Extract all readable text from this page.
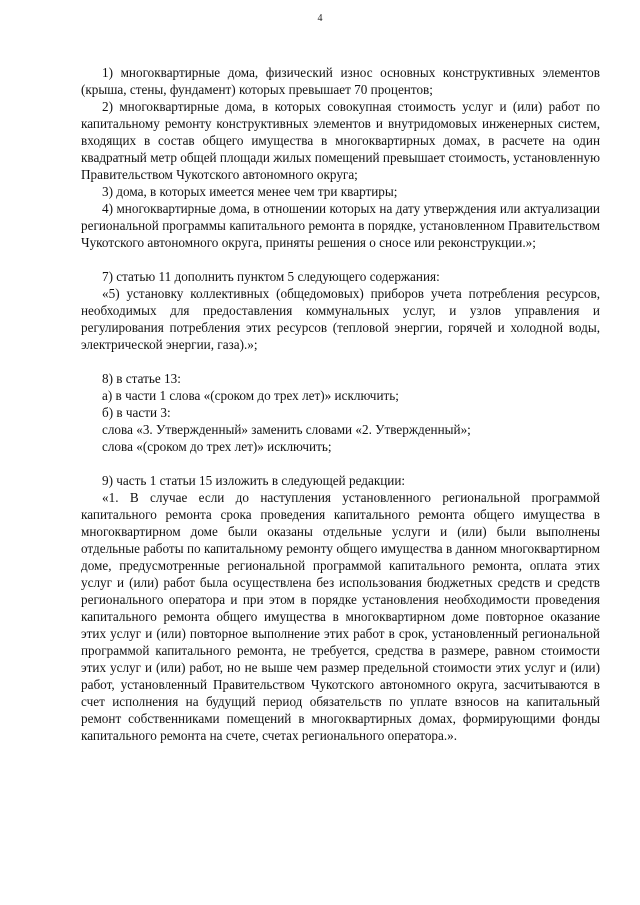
4

1) многоквартирные дома, физический износ основных конструктивных элементов (крыша, стены, фундамент) которых превышает 70 процентов;

2) многоквартирные дома, в которых совокупная стоимость услуг и (или) работ по капитальному ремонту конструктивных элементов и внутридомовых инженерных систем, входящих в состав общего имущества в многоквартирных домах, в расчете на один квадратный метр общей площади жилых помещений превышает стоимость, установленную Правительством Чукотского автономного округа;

3) дома, в которых имеется менее чем три квартиры;

4) многоквартирные дома, в отношении которых на дату утверждения или актуализации региональной программы капитального ремонта в порядке, установленном Правительством Чукотского автономного округа, приняты решения о сносе или реконструкции.»;

7) статью 11 дополнить пунктом 5 следующего содержания:

«5) установку коллективных (общедомовых) приборов учета потребления ресурсов, необходимых для предоставления коммунальных услуг, и узлов управления и регулирования потребления этих ресурсов (тепловой энергии, горячей и холодной воды, электрической энергии, газа).»;

8) в статье 13:

а) в части 1 слова «(сроком до трех лет)» исключить;

б) в части 3:

слова «3. Утвержденный» заменить словами «2. Утвержденный»;

слова «(сроком до трех лет)» исключить;

9) часть 1 статьи 15 изложить в следующей редакции:

«1. В случае если до наступления установленного региональной программой капитального ремонта срока проведения капитального ремонта общего имущества в многоквартирном доме были оказаны отдельные услуги и (или) были выполнены отдельные работы по капитальному ремонту общего имущества в данном многоквартирном доме, предусмотренные региональной программой капитального ремонта, оплата этих услуг и (или) работ была осуществлена без использования бюджетных средств и средств регионального оператора и при этом в порядке установления необходимости проведения капитального ремонта общего имущества в многоквартирном доме повторное оказание этих услуг и (или) повторное выполнение этих работ в срок, установленный региональной программой капитального ремонта, не требуется, средства в размере, равном стоимости этих услуг и (или) работ, но не выше чем размер предельной стоимости этих услуг и (или) работ, установленный Правительством Чукотского автономного округа, засчитываются в счет исполнения на будущий период обязательств по уплате взносов на капитальный ремонт собственниками помещений в многоквартирных домах, формирующими фонды капитального ремонта на счете, счетах регионального оператора.».
